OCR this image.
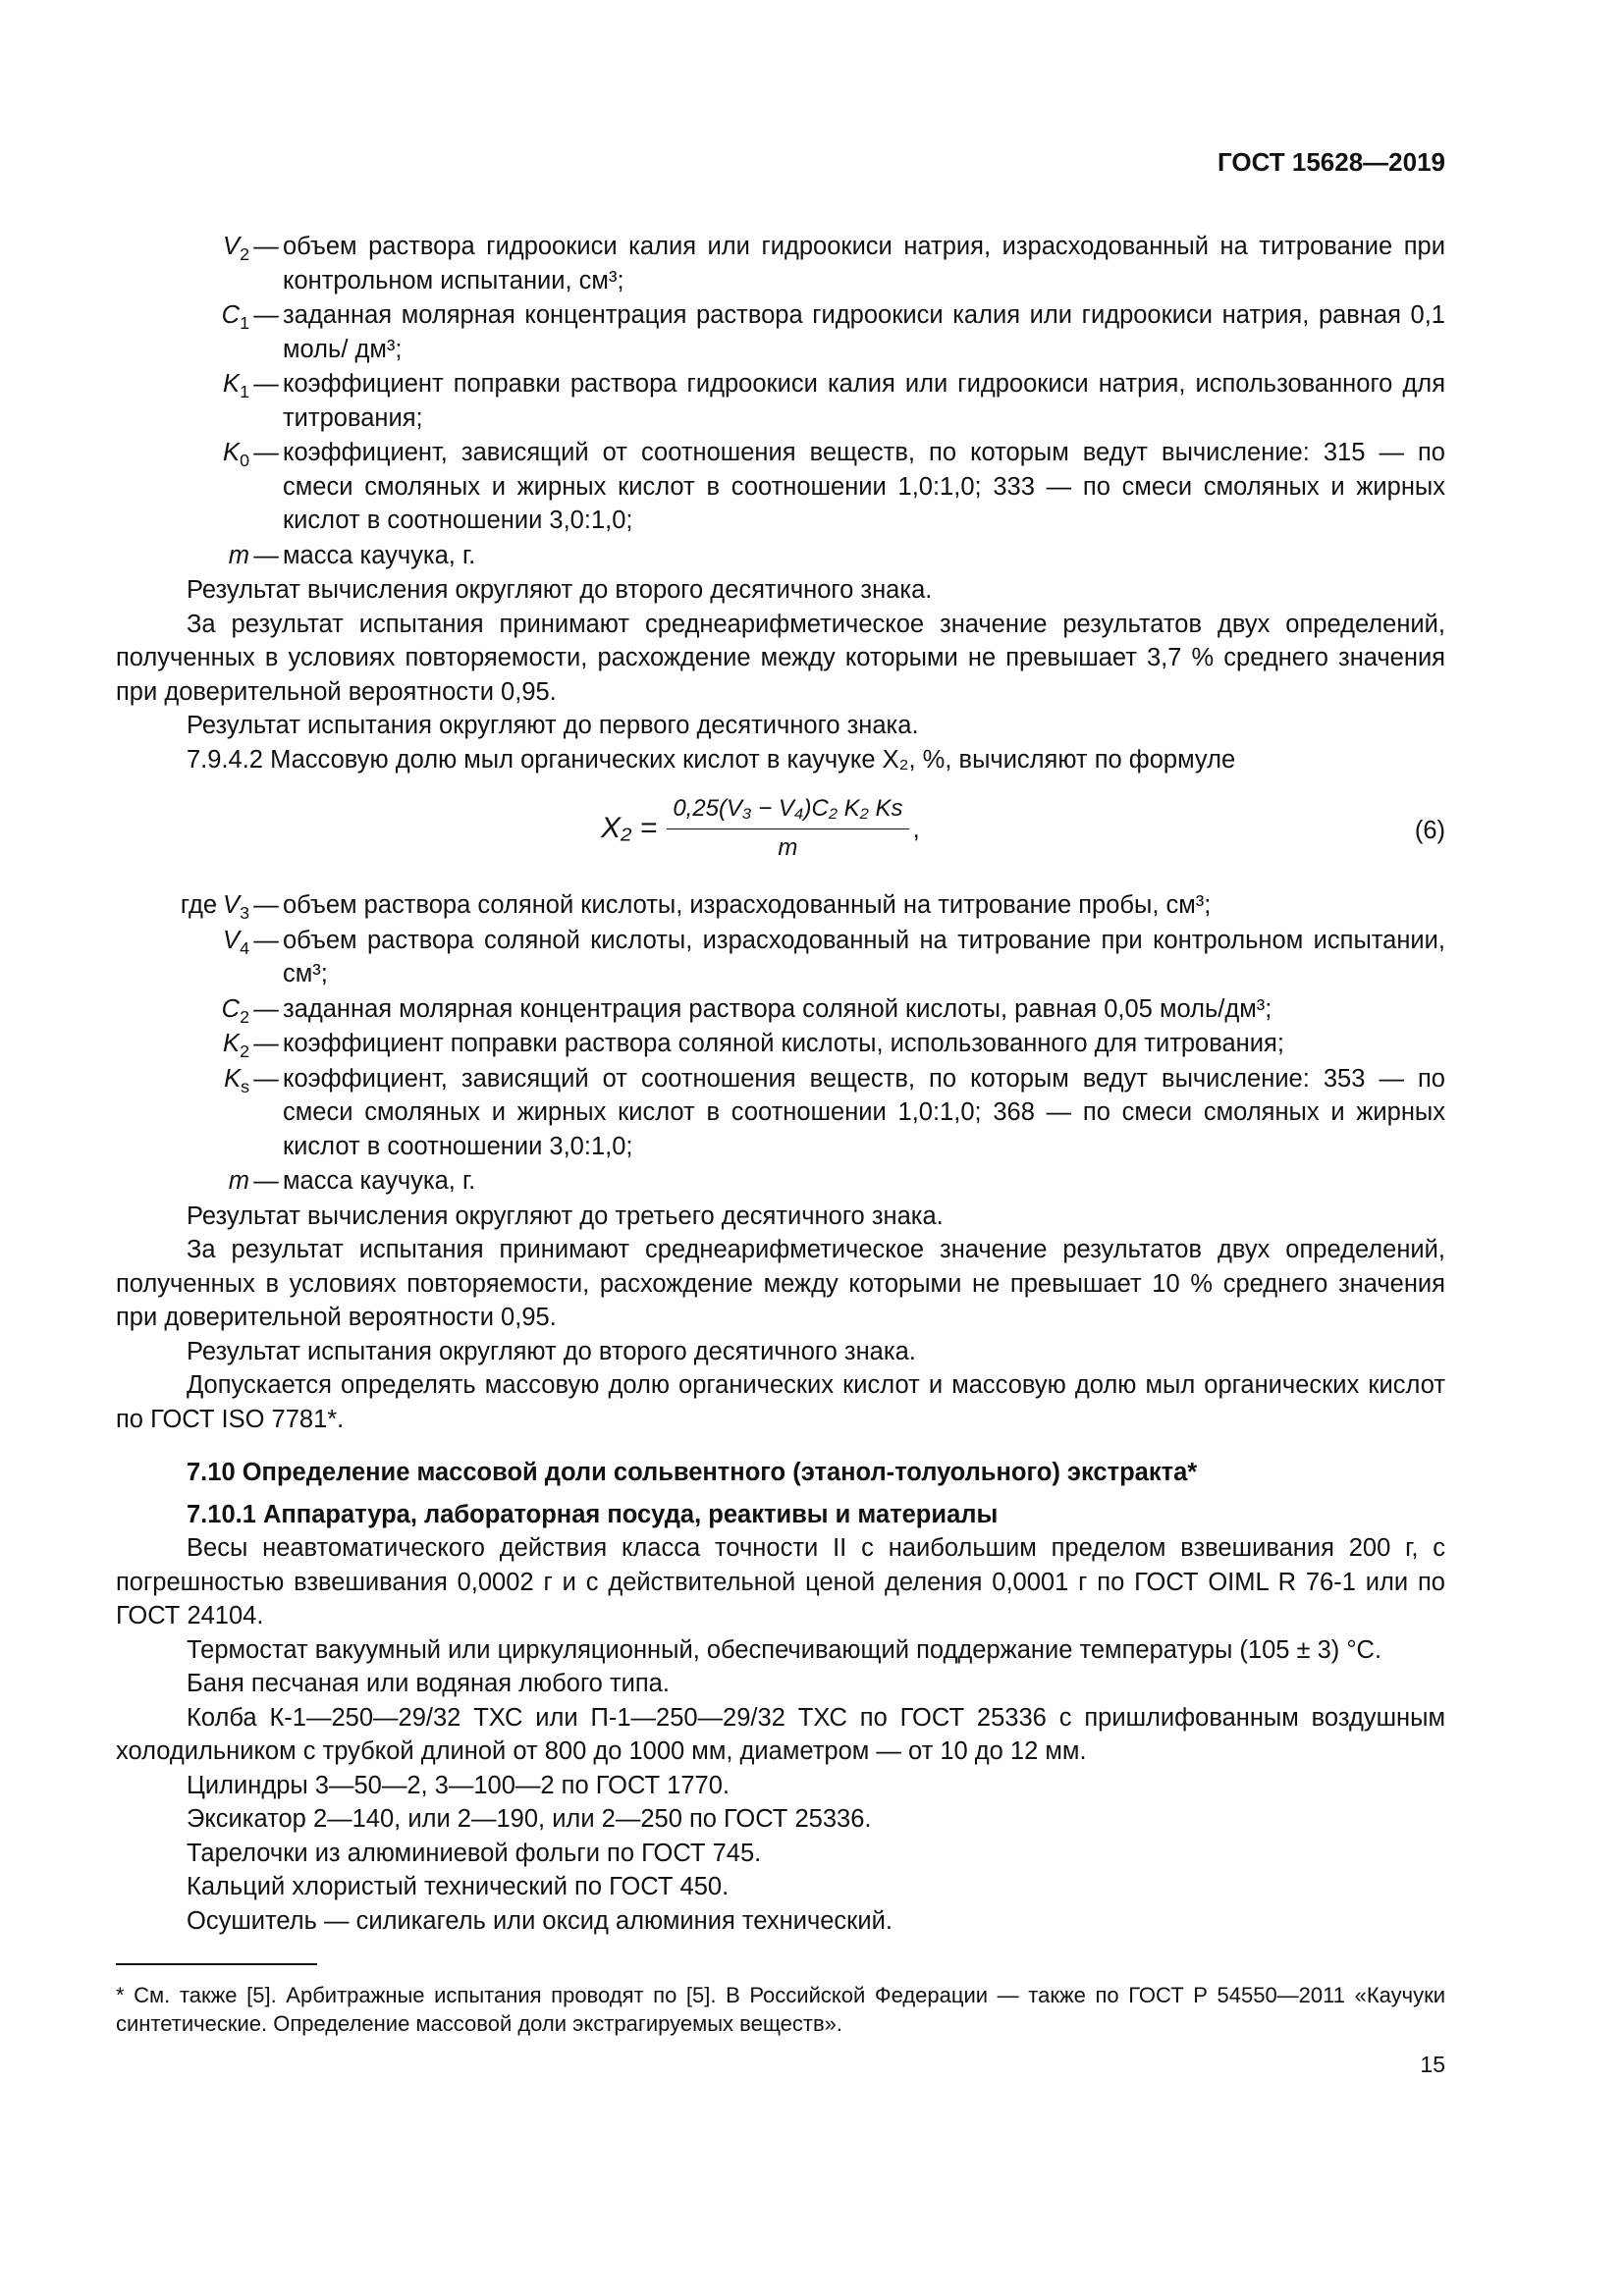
ГОСТ 15628—2019
$V_2$ — объем раствора гидроокиси калия или гидроокиси натрия, израсходованный на титрование при контрольном испытании, см³;
$C_1$ — заданная молярная концентрация раствора гидроокиси калия или гидроокиси натрия, равная 0,1 моль/ дм³;
$K_1$ — коэффициент поправки раствора гидроокиси калия или гидроокиси натрия, использованного для титрования;
$K_0$ — коэффициент, зависящий от соотношения веществ, по которым ведут вычисление: 315 — по смеси смоляных и жирных кислот в соотношении 1,0:1,0; 333 — по смеси смоляных и жирных кислот в соотношении 3,0:1,0;
m — масса каучука, г.

Результат вычисления округляют до второго десятичного знака.

За результат испытания принимают среднеарифметическое значение результатов двух определений, полученных в условиях повторяемости, расхождение между которыми не превышает 3,7 % среднего значения при доверительной вероятности 0,95.

Результат испытания округляют до первого десятичного знака.

7.9.4.2 Массовую долю мыл органических кислот в каучуке X₂, %, вычисляют по формуле

$X_2 = \frac{\text{0,25(V₃ − V₄)C₂ K₂ Ks}}{m}$ ,	(6)
где $V_3$ — объем раствора соляной кислоты, израсходованный на титрование пробы, см³;
$V_4$ — объем раствора соляной кислоты, израсходованный на титрование при контрольном испытании, см³;
$C_2$ — заданная молярная концентрация раствора соляной кислоты, равная 0,05 моль/дм³;
$K_2$ — коэффициент поправки раствора соляной кислоты, использованного для титрования;
$K_s$ — коэффициент, зависящий от соотношения веществ, по которым ведут вычисление: 353 — по смеси смоляных и жирных кислот в соотношении 1,0:1,0; 368 — по смеси смоляных и жирных кислот в соотношении 3,0:1,0;
m — масса каучука, г.

Результат вычисления округляют до третьего десятичного знака.

За результат испытания принимают среднеарифметическое значение результатов двух определений, полученных в условиях повторяемости, расхождение между которыми не превышает 10 % среднего значения при доверительной вероятности 0,95.

Результат испытания округляют до второго десятичного знака.

Допускается определять массовую долю органических кислот и массовую долю мыл органических кислот по ГОСТ ISO 7781*.

7.10 Определение массовой доли сольвентного (этанол-толуольного) экстракта*
7.10.1 Аппаратура, лабораторная посуда, реактивы и материалы

Весы неавтоматического действия класса точности II с наибольшим пределом взвешивания 200 г, с погрешностью взвешивания 0,0002 г и с действительной ценой деления 0,0001 г по ГОСТ OIML R 76-1 или по ГОСТ 24104.

Термостат вакуумный или циркуляционный, обеспечивающий поддержание температуры (105 ± 3) °С.

Баня песчаная или водяная любого типа.

Колба К-1—250—29/32 ТХС или П-1—250—29/32 ТХС по ГОСТ 25336 с пришлифованным воздушным холодильником с трубкой длиной от 800 до 1000 мм, диаметром — от 10 до 12 мм.

Цилиндры 3—50—2, 3—100—2 по ГОСТ 1770.

Эксикатор 2—140, или 2—190, или 2—250 по ГОСТ 25336.

Тарелочки из алюминиевой фольги по ГОСТ 745.

Кальций хлористый технический по ГОСТ 450.

Осушитель — силикагель или оксид алюминия технический.

* См. также [5]. Арбитражные испытания проводят по [5]. В Российской Федерации — также по ГОСТ Р 54550—2011 «Каучуки синтетические. Определение массовой доли экстрагируемых веществ».
15
